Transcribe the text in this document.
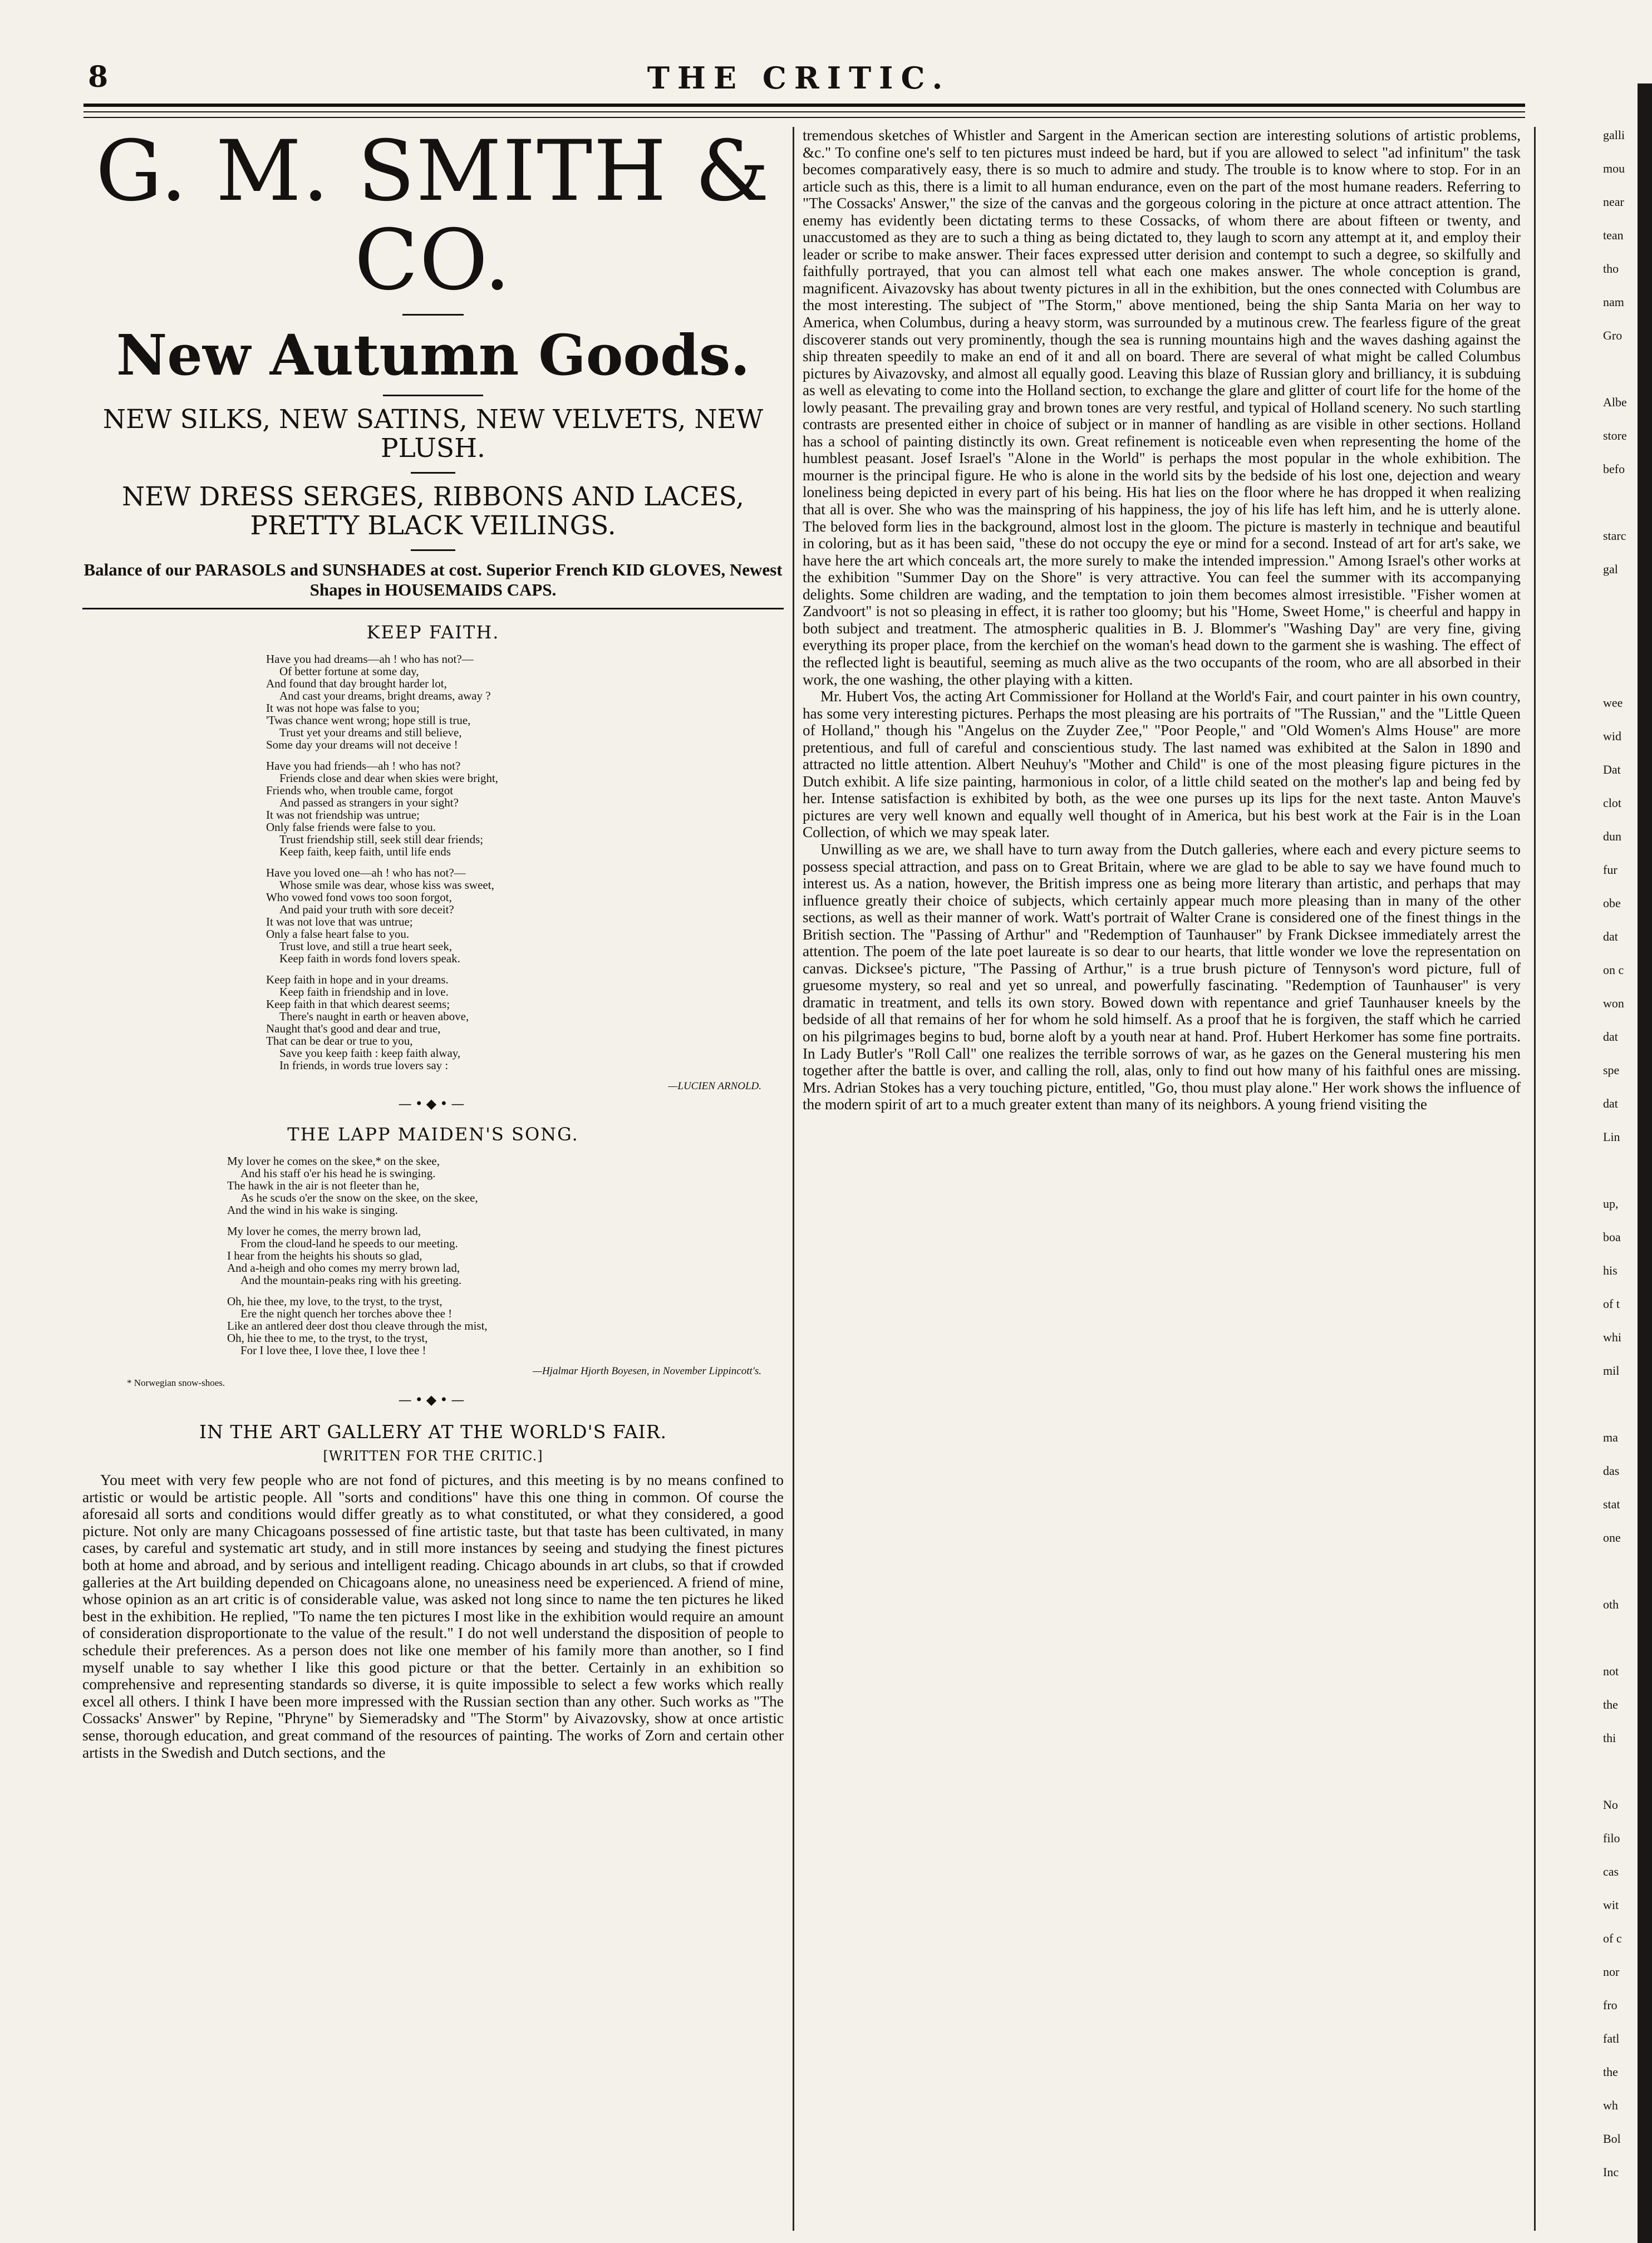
8	THE CRITIC.
G. M. SMITH & CO.
New Autumn Goods.
NEW SILKS, NEW SATINS, NEW VELVETS, NEW PLUSH.
NEW DRESS SERGES, RIBBONS AND LACES, PRETTY BLACK VEILINGS.
Balance of our PARASOLS and SUNSHADES at cost. Superior French KID GLOVES, Newest Shapes in HOUSEMAIDS CAPS.
KEEP FAITH.
Have you had dreams—ah ! who has not?—
Of better fortune at some day,
And found that day brought harder lot,
And cast your dreams, bright dreams, away ?
It was not hope was false to you;
'Twas chance went wrong; hope still is true,
Trust yet your dreams and still believe,
Some day your dreams will not deceive !
Have you had friends—ah ! who has not?
Friends close and dear when skies were bright,
Friends who, when trouble came, forgot
And passed as strangers in your sight?
It was not friendship was untrue;
Only false friends were false to you.
Trust friendship still, seek still dear friends;
Keep faith, keep faith, until life ends
Have you loved one—ah ! who has not?—
Whose smile was dear, whose kiss was sweet,
Who vowed fond vows too soon forgot,
And paid your truth with sore deceit?
It was not love that was untrue;
Only a false heart false to you.
Trust love, and still a true heart seek,
Keep faith in words fond lovers speak.
Keep faith in hope and in your dreams.
Keep faith in friendship and in love.
Keep faith in that which dearest seems;
There's naught in earth or heaven above,
Naught that's good and dear and true,
That can be dear or true to you,
Save you keep faith : keep faith alway,
In friends, in words true lovers say :
—LUCIEN ARNOLD.
—•◆•—
THE LAPP MAIDEN'S SONG.
My lover he comes on the skee,* on the skee,
And his staff o'er his head he is swinging.
The hawk in the air is not fleeter than he,
As he scuds o'er the snow on the skee, on the skee,
And the wind in his wake is singing.
My lover he comes, the merry brown lad,
From the cloud-land he speeds to our meeting.
I hear from the heights his shouts so glad,
And a-heigh and oho comes my merry brown lad,
And the mountain-peaks ring with his greeting.
Oh, hie thee, my love, to the tryst, to the tryst,
Ere the night quench her torches above thee !
Like an antlered deer dost thou cleave through the mist,
Oh, hie thee to me, to the tryst, to the tryst,
For I love thee, I love thee, I love thee !
—Hjalmar Hjorth Boyesen, in November Lippincott's.
* Norwegian snow-shoes.
—•◆•—
IN THE ART GALLERY AT THE WORLD'S FAIR.
[WRITTEN FOR THE CRITIC.]

You meet with very few people who are not fond of pictures, and this meeting is by no means confined to artistic or would be artistic people. All "sorts and conditions" have this one thing in common. Of course the aforesaid all sorts and conditions would differ greatly as to what constituted, or what they considered, a good picture. Not only are many Chicagoans possessed of fine artistic taste, but that taste has been cultivated, in many cases, by careful and systematic art study, and in still more instances by seeing and studying the finest pictures both at home and abroad, and by serious and intelligent reading. Chicago abounds in art clubs, so that if crowded galleries at the Art building depended on Chicagoans alone, no uneasiness need be experienced. A friend of mine, whose opinion as an art critic is of considerable value, was asked not long since to name the ten pictures he liked best in the exhibition. He replied, "To name the ten pictures I most like in the exhibition would require an amount of consideration disproportionate to the value of the result." I do not well understand the disposition of people to schedule their preferences. As a person does not like one member of his family more than another, so I find myself unable to say whether I like this good picture or that the better. Certainly in an exhibition so comprehensive and representing standards so diverse, it is quite impossible to select a few works which really excel all others. I think I have been more impressed with the Russian section than any other. Such works as "The Cossacks' Answer" by Repine, "Phryne" by Siemeradsky and "The Storm" by Aivazovsky, show at once artistic sense, thorough education, and great command of the resources of painting. The works of Zorn and certain other artists in the Swedish and Dutch sections, and the

tremendous sketches of Whistler and Sargent in the American section are interesting solutions of artistic problems, &c." To confine one's self to ten pictures must indeed be hard, but if you are allowed to select "ad infinitum" the task becomes comparatively easy, there is so much to admire and study. The trouble is to know where to stop. For in an article such as this, there is a limit to all human endurance, even on the part of the most humane readers. Referring to "The Cossacks' Answer," the size of the canvas and the gorgeous coloring in the picture at once attract attention. The enemy has evidently been dictating terms to these Cossacks, of whom there are about fifteen or twenty, and unaccustomed as they are to such a thing as being dictated to, they laugh to scorn any attempt at it, and employ their leader or scribe to make answer. Their faces expressed utter derision and contempt to such a degree, so skilfully and faithfully portrayed, that you can almost tell what each one makes answer. The whole conception is grand, magnificent. Aivazovsky has about twenty pictures in all in the exhibition, but the ones connected with Columbus are the most interesting. The subject of "The Storm," above mentioned, being the ship Santa Maria on her way to America, when Columbus, during a heavy storm, was surrounded by a mutinous crew. The fearless figure of the great discoverer stands out very prominently, though the sea is running mountains high and the waves dashing against the ship threaten speedily to make an end of it and all on board. There are several of what might be called Columbus pictures by Aivazovsky, and almost all equally good. Leaving this blaze of Russian glory and brilliancy, it is subduing as well as elevating to come into the Holland section, to exchange the glare and glitter of court life for the home of the lowly peasant. The prevailing gray and brown tones are very restful, and typical of Holland scenery. No such startling contrasts are presented either in choice of subject or in manner of handling as are visible in other sections. Holland has a school of painting distinctly its own. Great refinement is noticeable even when representing the home of the humblest peasant. Josef Israel's "Alone in the World" is perhaps the most popular in the whole exhibition. The mourner is the principal figure. He who is alone in the world sits by the bedside of his lost one, dejection and weary loneliness being depicted in every part of his being. His hat lies on the floor where he has dropped it when realizing that all is over. She who was the mainspring of his happiness, the joy of his life has left him, and he is utterly alone. The beloved form lies in the background, almost lost in the gloom. The picture is masterly in technique and beautiful in coloring, but as it has been said, "these do not occupy the eye or mind for a second. Instead of art for art's sake, we have here the art which conceals art, the more surely to make the intended impression." Among Israel's other works at the exhibition "Summer Day on the Shore" is very attractive. You can feel the summer with its accompanying delights. Some children are wading, and the temptation to join them becomes almost irresistible. "Fisher women at Zandvoort" is not so pleasing in effect, it is rather too gloomy; but his "Home, Sweet Home," is cheerful and happy in both subject and treatment. The atmospheric qualities in B. J. Blommer's "Washing Day" are very fine, giving everything its proper place, from the kerchief on the woman's head down to the garment she is washing. The effect of the reflected light is beautiful, seeming as much alive as the two occupants of the room, who are all absorbed in their work, the one washing, the other playing with a kitten.

Mr. Hubert Vos, the acting Art Commissioner for Holland at the World's Fair, and court painter in his own country, has some very interesting pictures. Perhaps the most pleasing are his portraits of "The Russian," and the "Little Queen of Holland," though his "Angelus on the Zuyder Zee," "Poor People," and "Old Women's Alms House" are more pretentious, and full of careful and conscientious study. The last named was exhibited at the Salon in 1890 and attracted no little attention. Albert Neuhuy's "Mother and Child" is one of the most pleasing figure pictures in the Dutch exhibit. A life size painting, harmonious in color, of a little child seated on the mother's lap and being fed by her. Intense satisfaction is exhibited by both, as the wee one purses up its lips for the next taste. Anton Mauve's pictures are very well known and equally well thought of in America, but his best work at the Fair is in the Loan Collection, of which we may speak later.

Unwilling as we are, we shall have to turn away from the Dutch galleries, where each and every picture seems to possess special attraction, and pass on to Great Britain, where we are glad to be able to say we have found much to interest us. As a nation, however, the British impress one as being more literary than artistic, and perhaps that may influence greatly their choice of subjects, which certainly appear much more pleasing than in many of the other sections, as well as their manner of work. Watt's portrait of Walter Crane is considered one of the finest things in the British section. The "Passing of Arthur" and "Redemption of Taunhauser" by Frank Dicksee immediately arrest the attention. The poem of the late poet laureate is so dear to our hearts, that little wonder we love the representation on canvas. Dicksee's picture, "The Passing of Arthur," is a true brush picture of Tennyson's word picture, full of gruesome mystery, so real and yet so unreal, and powerfully fascinating. "Redemption of Taunhauser" is very dramatic in treatment, and tells its own story. Bowed down with repentance and grief Taunhauser kneels by the bedside of all that remains of her for whom he sold himself. As a proof that he is forgiven, the staff which he carried on his pilgrimages begins to bud, borne aloft by a youth near at hand. Prof. Hubert Herkomer has some fine portraits. In Lady Butler's "Roll Call" one realizes the terrible sorrows of war, as he gazes on the General mustering his men together after the battle is over, and calling the roll, alas, only to find out how many of his faithful ones are missing. Mrs. Adrian Stokes has a very touching picture, entitled, "Go, thou must play alone." Her work shows the influence of the modern spirit of art to a much greater extent than many of its neighbors. A young friend visiting the

galli
mou
near
tean
tho
nam
Gro

Albe
store
befo

starc
gal

wee
wid
Dat
clot
dun
fur
obe
dat
on c
won
dat
spe
dat
Lin

up,
boa
his
of t
whi
mil

ma
das
stat
one

oth

not
the
thi

No
filo
cas
wit
of c
nor
fro
fatl
the
wh
Bol
Inc
